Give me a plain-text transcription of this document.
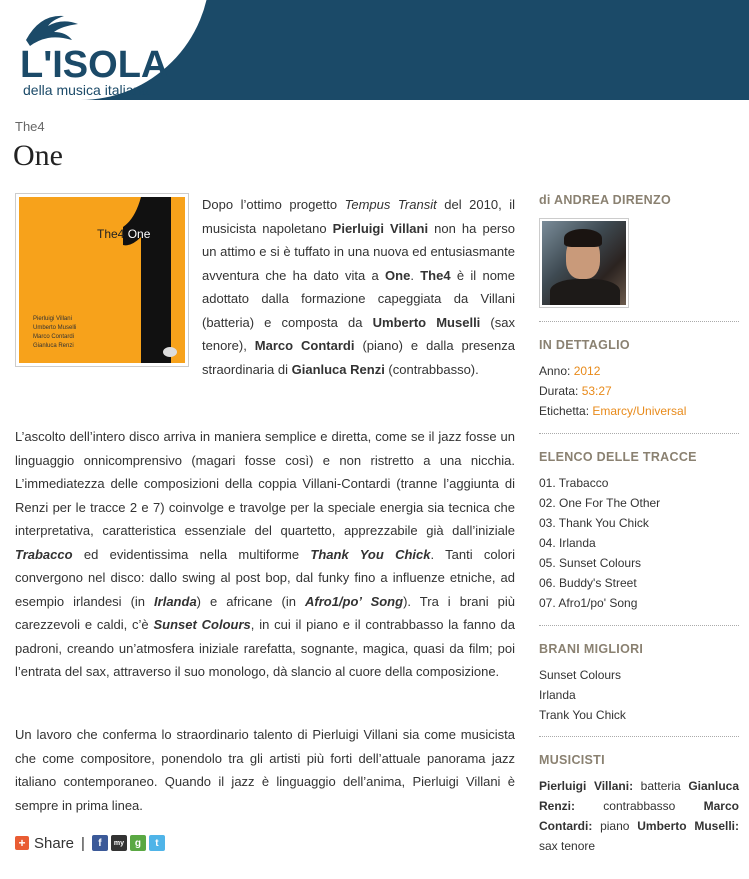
L'ISOLA
della musica italiana
The4
One
The4 One
Pierluigi Villani
Umberto Muselli
Marco Contardi
Gianluca Renzi
Dopo l’ottimo progetto Tempus Transit del 2010, il musicista napoletano Pierluigi Villani non ha perso un attimo e si è tuffato in una nuova ed entusiasmante avventura che ha dato vita a One. The4 è il nome adottato dalla formazione capeggiata da Villani (batteria) e composta da Umberto Muselli (sax tenore), Marco Contardi (piano) e dalla presenza straordinaria di Gianluca Renzi (contrabbasso).
L’ascolto dell’intero disco arriva in maniera semplice e diretta, come se il jazz fosse un linguaggio onnicomprensivo (magari fosse così) e non ristretto a una nicchia. L’immediatezza delle composizioni della coppia Villani-Contardi (tranne l’aggiunta di Renzi per le tracce 2 e 7) coinvolge e travolge per la speciale energia sia tecnica che interpretativa, caratteristica essenziale del quartetto, apprezzabile già dall’iniziale Trabacco ed evidentissima nella multiforme Thank You Chick. Tanti colori convergono nel disco: dallo swing al post bop, dal funky fino a influenze etniche, ad esempio irlandesi (in Irlanda) e africane (in Afro1/po’ Song). Tra i brani più carezzevoli e caldi, c’è Sunset Colours, in cui il piano e il contrabbasso la fanno da padroni, creando un’atmosfera iniziale rarefatta, sognante, magica, quasi da film; poi l’entrata del sax, attraverso il suo monologo, dà slancio al cuore della composizione.
Un lavoro che conferma lo straordinario talento di Pierluigi Villani sia come musicista che come compositore, ponendolo tra gli artisti più forti dell’attuale panorama jazz italiano contemporaneo. Quando il jazz è linguaggio dell’anima, Pierluigi Villani è sempre in prima linea.
+ Share |	f	my	g	t
di ANDREA DIRENZO
IN DETTAGLIO
Anno: 2012
Durata: 53:27
Etichetta: Emarcy/Universal
ELENCO DELLE TRACCE
01. Trabacco
02. One For The Other
03. Thank You Chick
04. Irlanda
05. Sunset Colours
06. Buddy's Street
07. Afro1/po' Song
BRANI MIGLIORI
Sunset Colours
Irlanda
Trank You Chick
MUSICISTI
Pierluigi Villani: batteria Gianluca Renzi: contrabbasso Marco Contardi: piano Umberto Muselli: sax tenore
